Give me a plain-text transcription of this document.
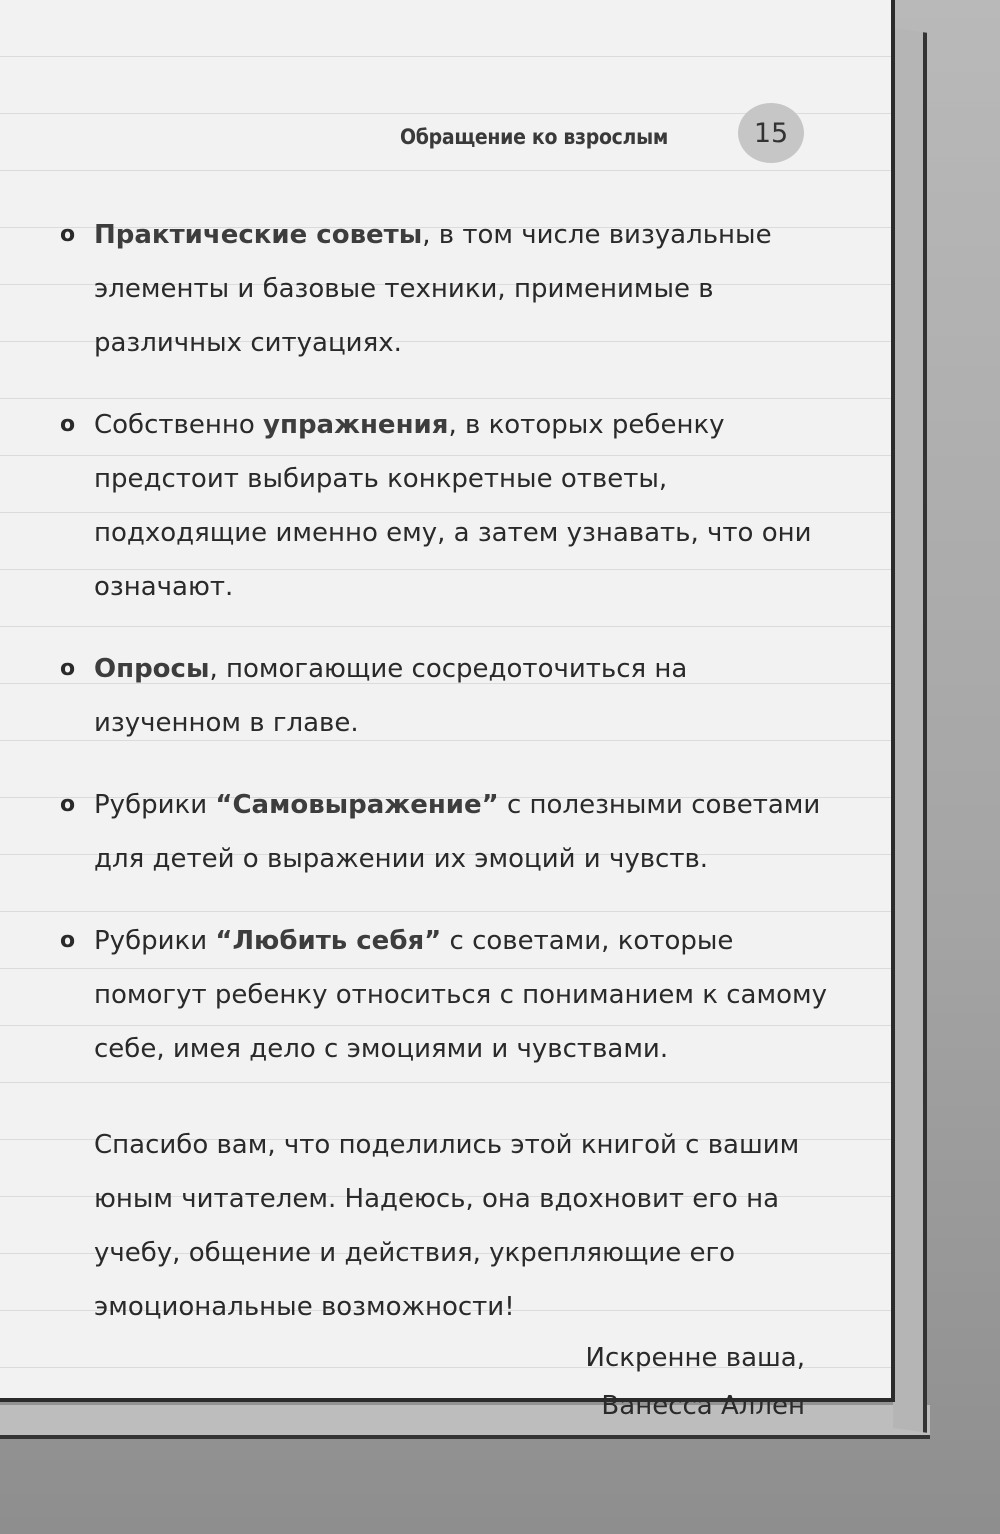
Обращение ко взрослым	15
o Практические советы, в том числе визуальные элементы и базовые техники, применимые в различных ситуациях.
o Собственно упражнения, в которых ребенку предстоит выбирать конкретные ответы, подходящие именно ему, а затем узнавать, что они означают.
o Опросы, помогающие сосредоточиться на изученном в главе.
o Рубрики “Самовыражение” с полезными советами для детей о выражении их эмоций и чувств.
o Рубрики “Любить себя” с советами, которые помогут ребенку относиться с пониманием к самому себе, имея дело с эмоциями и чувствами.
Спасибо вам, что поделились этой книгой с вашим юным читателем. Надеюсь, она вдохновит его на учебу, общение и действия, укрепляющие его эмоциональные возможности!
Искренне ваша,
Ванесса Аллен
